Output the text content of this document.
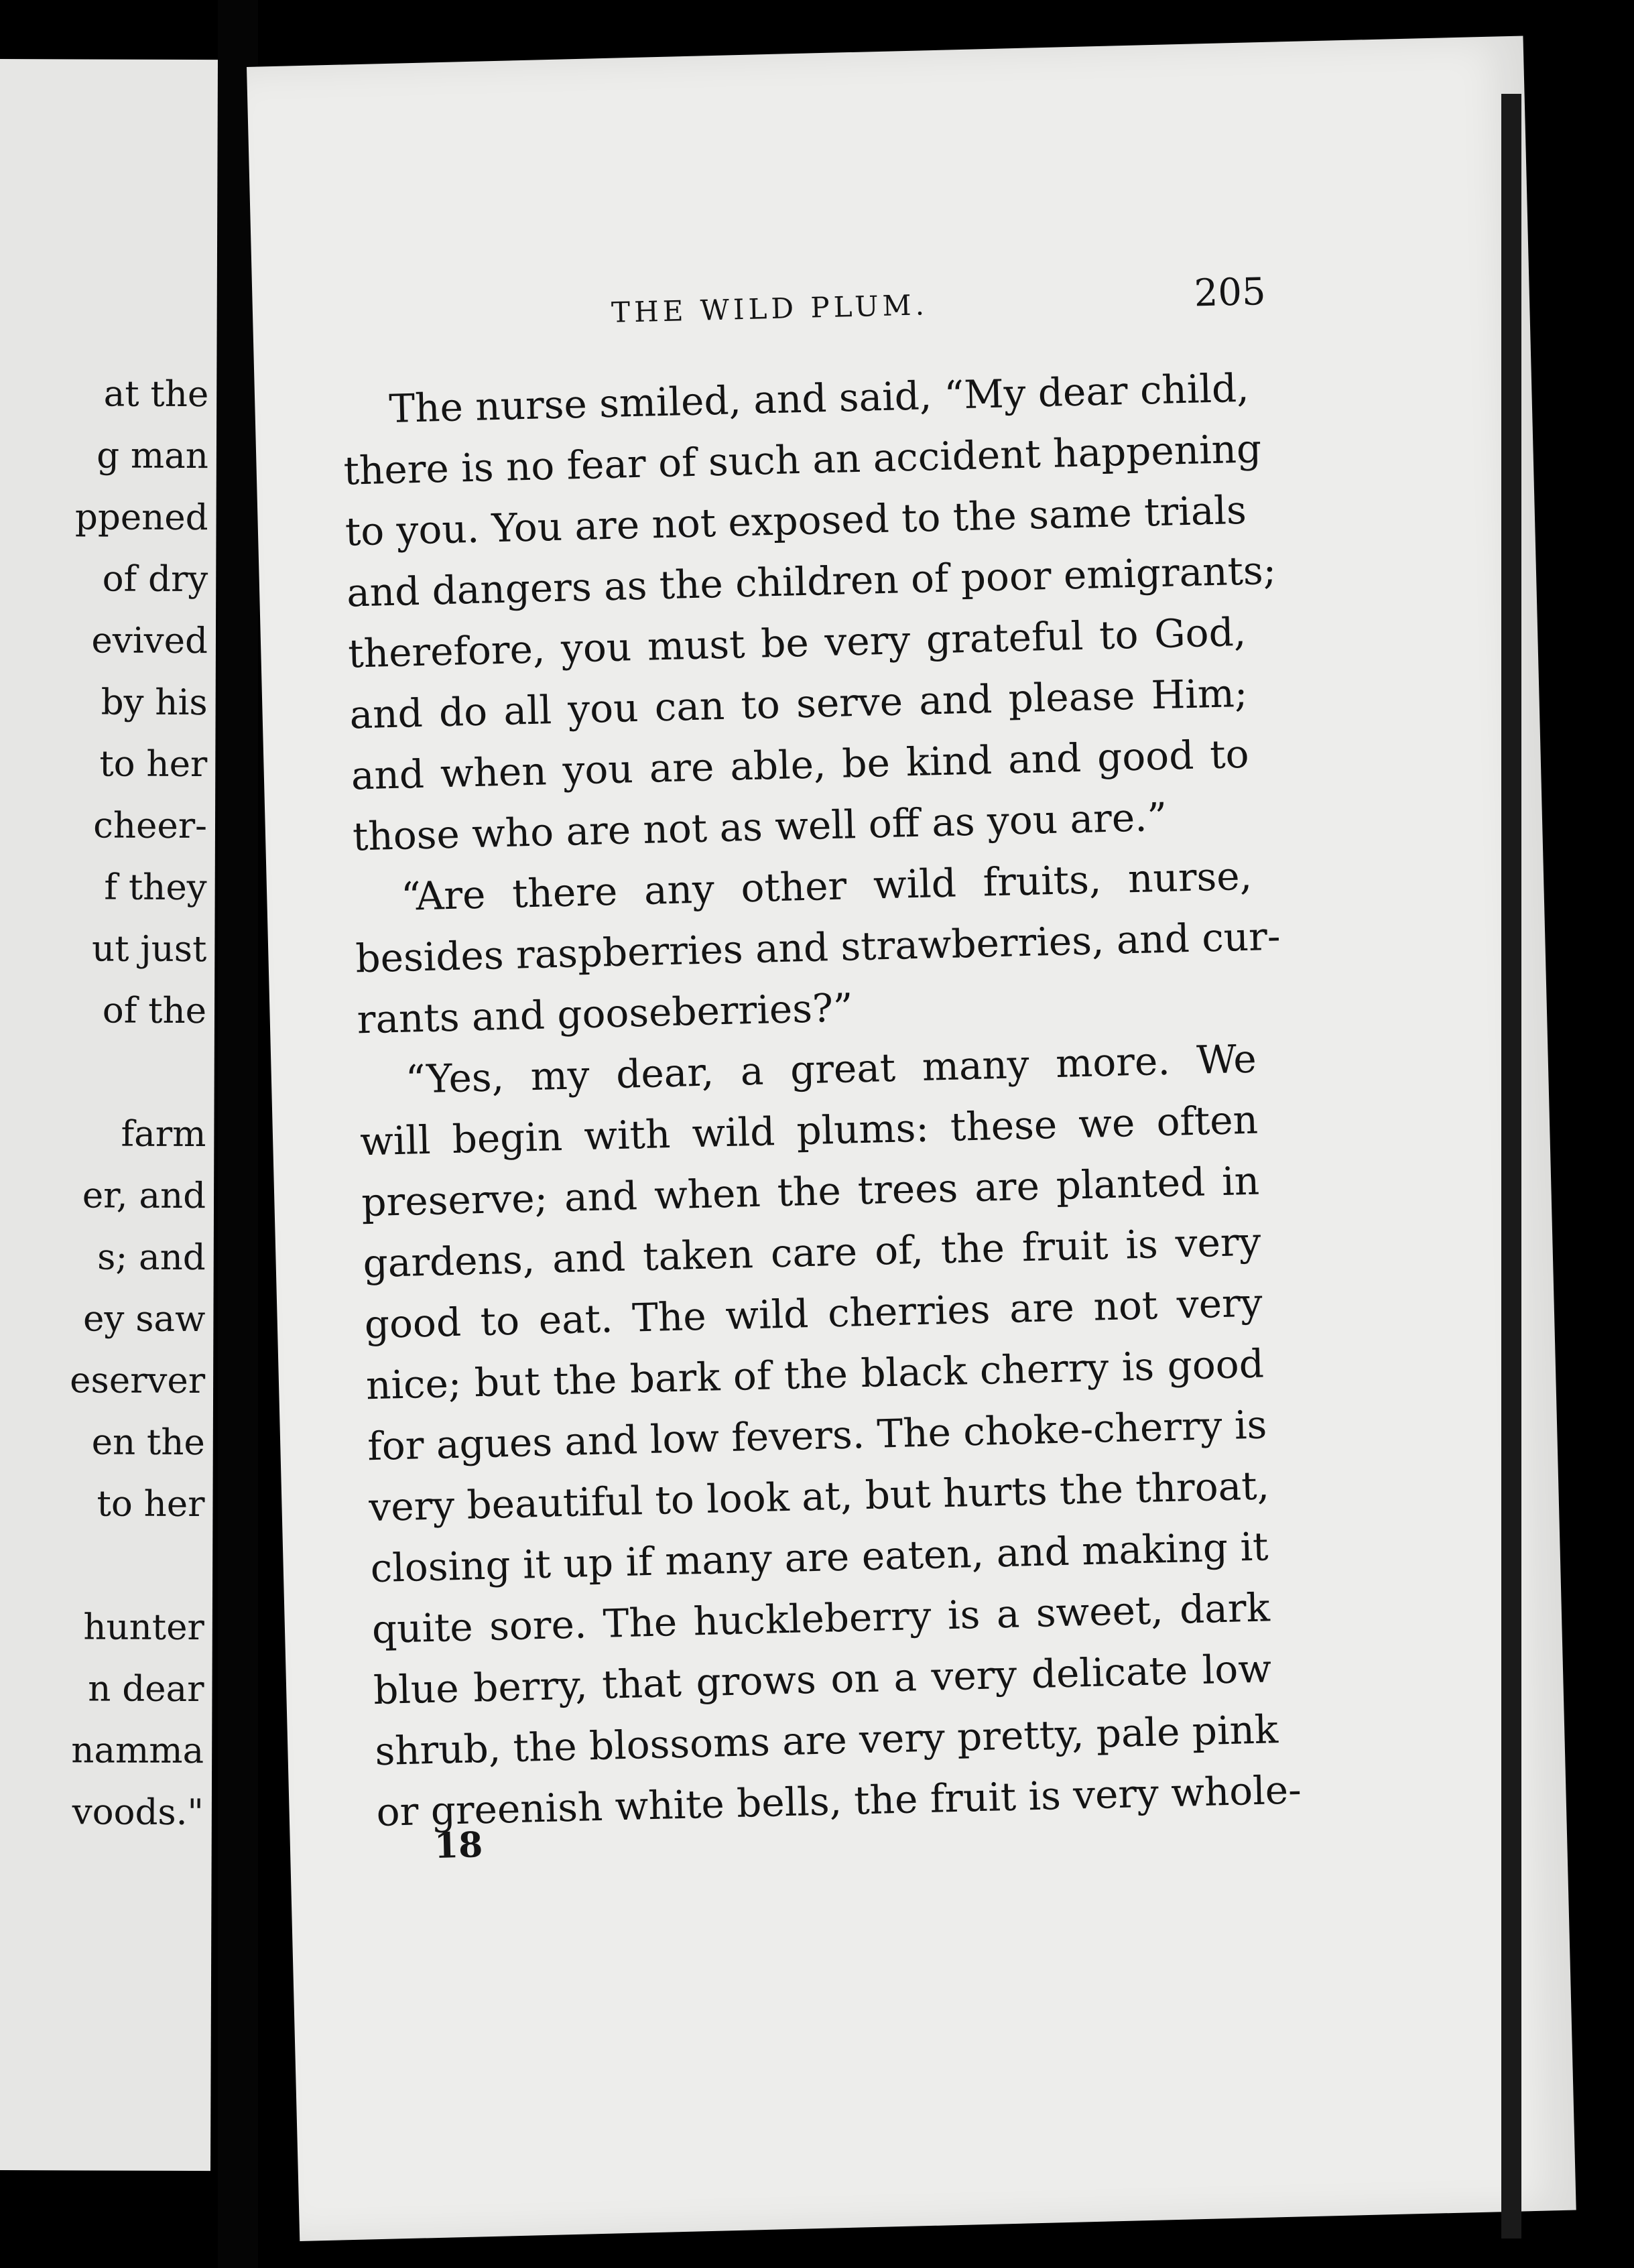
at the
g man
ppened
of dry
evived
by his
to her
cheer-
f they
ut just
of the
farm
er, and
s; and
ey saw
eserver
en the
to her
hunter
n dear
namma
voods."
THE WILD PLUM.	205
The nurse smiled, and said, “My dear child,
there is no fear of such an accident happening
to you. You are not exposed to the same trials
and dangers as the children of poor emigrants;
therefore, you must be very grateful to God,
and do all you can to serve and please Him;
and when you are able, be kind and good to
those who are not as well off as you are.”
“Are there any other wild fruits, nurse,
besides raspberries and strawberries, and cur-
rants and gooseberries?”
“Yes, my dear, a great many more. We
will begin with wild plums: these we often
preserve; and when the trees are planted in
gardens, and taken care of, the fruit is very
good to eat. The wild cherries are not very
nice; but the bark of the black cherry is good
for agues and low fevers. The choke-cherry is
very beautiful to look at, but hurts the throat,
closing it up if many are eaten, and making it
quite sore. The huckleberry is a sweet, dark
blue berry, that grows on a very delicate low
shrub, the blossoms are very pretty, pale pink
or greenish white bells, the fruit is very whole-
18
